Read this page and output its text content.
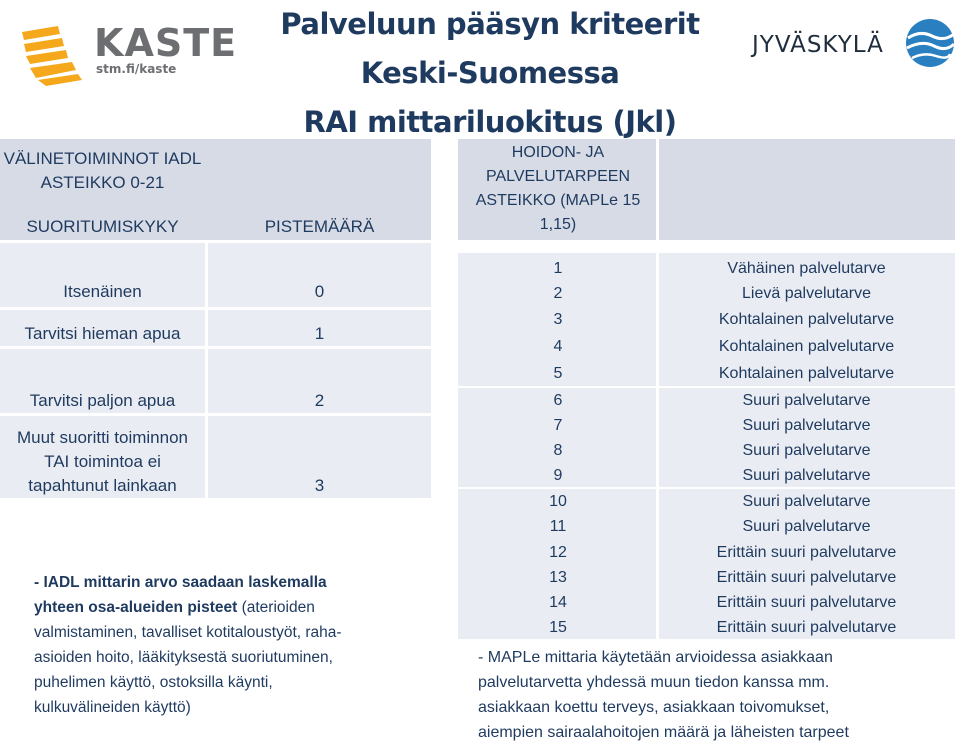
KASTE
stm.fi/kaste
JYVÄSKYLÄ
Palveluun pääsyn kriteerit
Keski-Suomessa
RAI mittariluokitus (Jkl)
VÄLINETOIMINNOT IADL
ASTEIKKO 0-21
SUORITUMISKYKY	PISTEMÄÄRÄ
Itsenäinen	0
Tarvitsi hieman apua	1
Tarvitsi paljon apua	2
Muut suoritti toiminnon
TAI toimintoa ei
tapahtunut lainkaan	3
- IADL mittarin arvo saadaan laskemalla
yhteen osa-alueiden pisteet (aterioiden
valmistaminen, tavalliset kotitaloustyöt, raha-
asioiden hoito, lääkityksestä suoriutuminen,
puhelimen käyttö, ostoksilla käynti,
kulkuvälineiden käyttö)
HOIDON- JA
PALVELUTARPEEN
ASTEIKKO (MAPLe 15
1,15)
1	Vähäinen palvelutarve
2	Lievä palvelutarve
3	Kohtalainen palvelutarve
4	Kohtalainen palvelutarve
5	Kohtalainen palvelutarve
6	Suuri palvelutarve
7	Suuri palvelutarve
8	Suuri palvelutarve
9	Suuri palvelutarve
10	Suuri palvelutarve
11	Suuri palvelutarve
12	Erittäin suuri palvelutarve
13	Erittäin suuri palvelutarve
14	Erittäin suuri palvelutarve
15	Erittäin suuri palvelutarve
- MAPLe mittaria käytetään arvioidessa asiakkaan
palvelutarvetta yhdessä muun tiedon kanssa mm.
asiakkaan koettu terveys, asiakkaan toivomukset,
aiempien sairaalahoitojen määrä ja läheisten tarpeet
